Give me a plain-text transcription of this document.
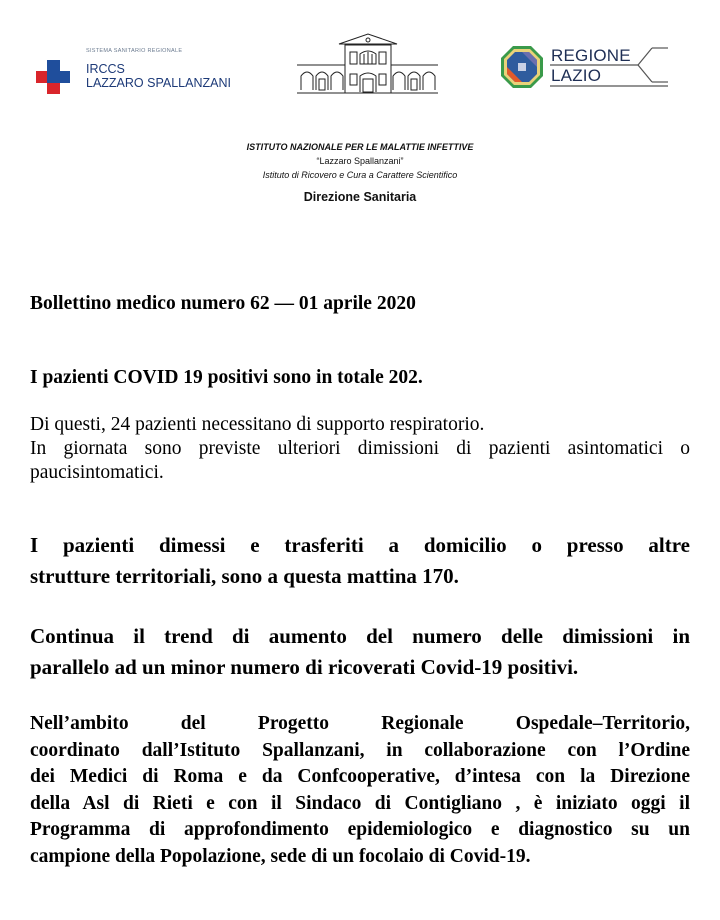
SISTEMA SANITARIO REGIONALE
IRCCS
LAZZARO SPALLANZANI
REGIONE
LAZIO
ISTITUTO NAZIONALE PER LE MALATTIE INFETTIVE
“Lazzaro Spallanzani”
Istituto di Ricovero e Cura a Carattere Scientifico
Direzione Sanitaria
Bollettino medico numero 62 — 01 aprile 2020
I pazienti COVID 19 positivi sono in totale 202.

Di questi, 24 pazienti necessitano di supporto respiratorio.

In giornata sono previste ulteriori dimissioni di pazienti asintomatici o

paucisintomatici.

I pazienti dimessi e trasferiti a domicilio o presso altre
strutture territoriali, sono a questa mattina 170.
Continua il trend di aumento del numero delle dimissioni in
parallelo ad un minor numero di ricoverati Covid-19 positivi.
Nell’ambito del Progetto Regionale Ospedale–Territorio,
coordinato dall’Istituto Spallanzani, in collaborazione con l’Ordine
dei Medici di Roma e da Confcooperative, d’intesa con la Direzione
della Asl di Rieti e con il Sindaco di Contigliano , è iniziato oggi il
Programma di approfondimento epidemiologico e diagnostico su un
campione della Popolazione, sede di un focolaio di Covid-19.
